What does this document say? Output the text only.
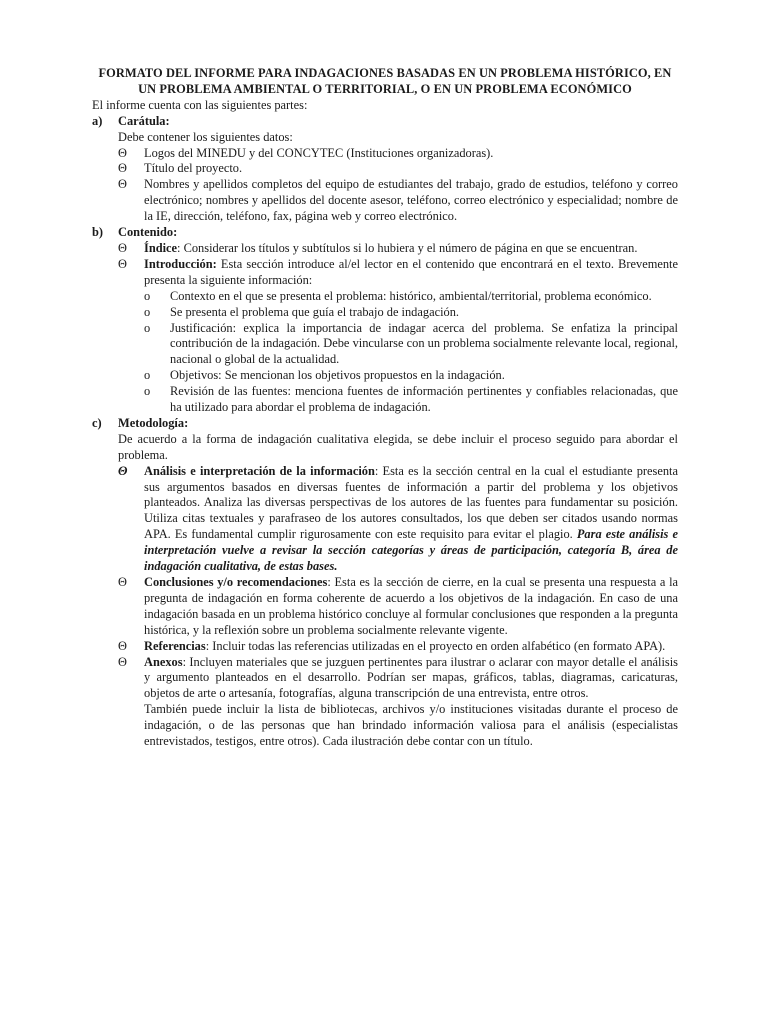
FORMATO DEL INFORME PARA INDAGACIONES BASADAS EN UN PROBLEMA HISTÓRICO, EN UN PROBLEMA AMBIENTAL O TERRITORIAL, O EN UN PROBLEMA ECONÓMICO
El informe cuenta con las siguientes partes:
a) Carátula:
Debe contener los siguientes datos:
Θ	Logos del MINEDU y del CONCYTEC (Instituciones organizadoras).
Θ	Título del proyecto.
Θ	Nombres y apellidos completos del equipo de estudiantes del trabajo, grado de estudios, teléfono y correo electrónico; nombres y apellidos del docente asesor, teléfono, correo electrónico y especialidad; nombre de la IE, dirección, teléfono, fax, página web y correo electrónico.
b) Contenido:
Θ	Índice: Considerar los títulos y subtítulos si lo hubiera y el número de página en que se encuentran.
Θ	Introducción: Esta sección introduce al/el lector en el contenido que encontrará en el texto. Brevemente presenta la siguiente información:
o	Contexto en el que se presenta el problema: histórico, ambiental/territorial, problema económico.
o	Se presenta el problema que guía el trabajo de indagación.
o	Justificación: explica la importancia de indagar acerca del problema. Se enfatiza la principal contribución de la indagación. Debe vincularse con un problema socialmente relevante local, regional, nacional o global de la actualidad.
o	Objetivos: Se mencionan los objetivos propuestos en la indagación.
o	Revisión de las fuentes: menciona fuentes de información pertinentes y confiables relacionadas, que ha utilizado para abordar el problema de indagación.
c) Metodología:
De acuerdo a la forma de indagación cualitativa elegida, se debe incluir el proceso seguido para abordar el problema.
Θ	Análisis e interpretación de la información: Esta es la sección central en la cual el estudiante presenta sus argumentos basados en diversas fuentes de información a partir del problema y los objetivos planteados. Analiza las diversas perspectivas de los autores de las fuentes para fundamentar su posición. Utiliza citas textuales y parafraseo de los autores consultados, los que deben ser citados usando normas APA. Es fundamental cumplir rigurosamente con este requisito para evitar el plagio. Para este análisis e interpretación vuelve a revisar la sección categorías y áreas de participación, categoría B, área de indagación cualitativa, de estas bases.
Θ	Conclusiones y/o recomendaciones: Esta es la sección de cierre, en la cual se presenta una respuesta a la pregunta de indagación en forma coherente de acuerdo a los objetivos de la indagación. En caso de una indagación basada en un problema histórico concluye al formular conclusiones que responden a la pregunta histórica, y la reflexión sobre un problema socialmente relevante vigente.
Θ	Referencias: Incluir todas las referencias utilizadas en el proyecto en orden alfabético (en formato APA).
Θ	Anexos: Incluyen materiales que se juzguen pertinentes para ilustrar o aclarar con mayor detalle el análisis y argumento planteados en el desarrollo. Podrían ser mapas, gráficos, tablas, diagramas, caricaturas, objetos de arte o artesanía, fotografías, alguna transcripción de una entrevista, entre otros.
También puede incluir la lista de bibliotecas, archivos y/o instituciones visitadas durante el proceso de indagación, o de las personas que han brindado información valiosa para el análisis (especialistas entrevistados, testigos, entre otros). Cada ilustración debe contar con un título.
